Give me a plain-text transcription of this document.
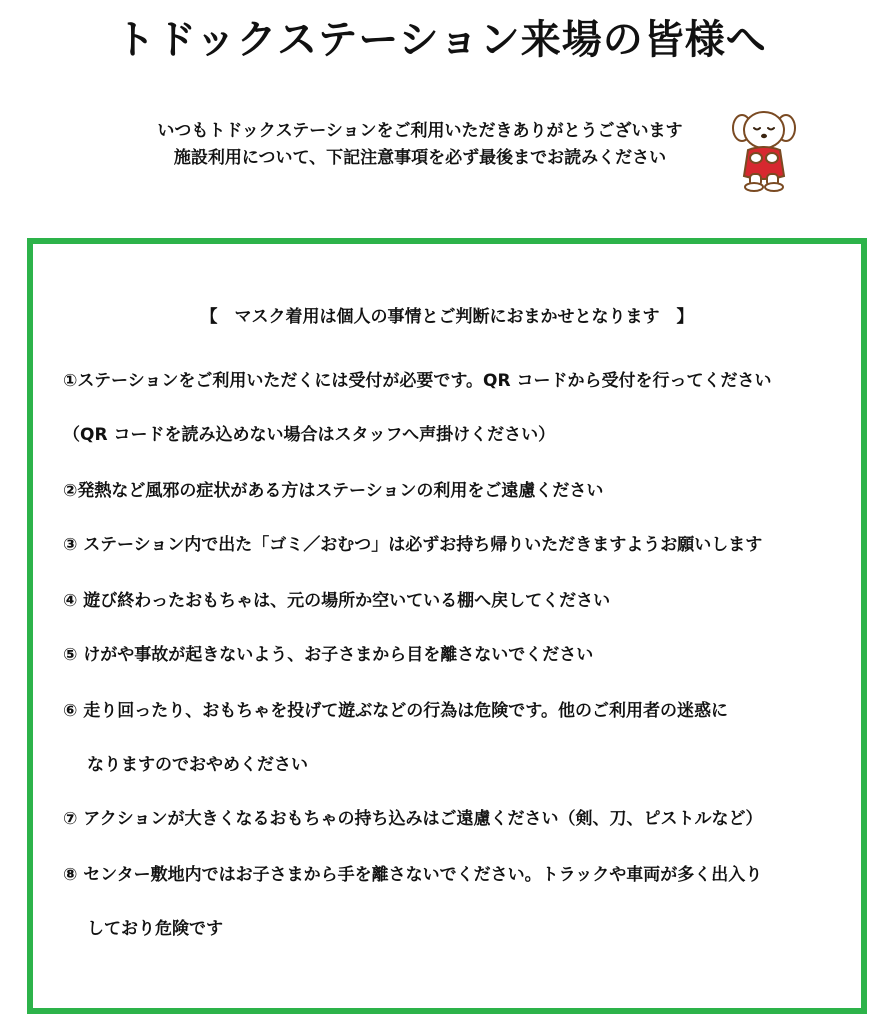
トドックステーション来場の皆様へ
いつもトドックステーションをご利用いただきありがとうございます
施設利用について、下記注意事項を必ず最後までお読みください
【　マスク着用は個人の事情とご判断におまかせとなります　】
①ステーションをご利用いただくには受付が必要です。QR コードから受付を行ってください
（QR コードを読み込めない場合はスタッフへ声掛けください）
②発熱など風邪の症状がある方はステーションの利用をご遠慮ください
③ ステーション内で出た「ゴミ／おむつ」は必ずお持ち帰りいただきますようお願いします
④ 遊び終わったおもちゃは、元の場所か空いている棚へ戻してください
⑤ けがや事故が起きないよう、お子さまから目を離さないでください
⑥ 走り回ったり、おもちゃを投げて遊ぶなどの行為は危険です。他のご利用者の迷惑に
なりますのでおやめください
⑦ アクションが大きくなるおもちゃの持ち込みはご遠慮ください（剣、刀、ピストルなど）
⑧ センター敷地内ではお子さまから手を離さないでください。トラックや車両が多く出入り
しており危険です
